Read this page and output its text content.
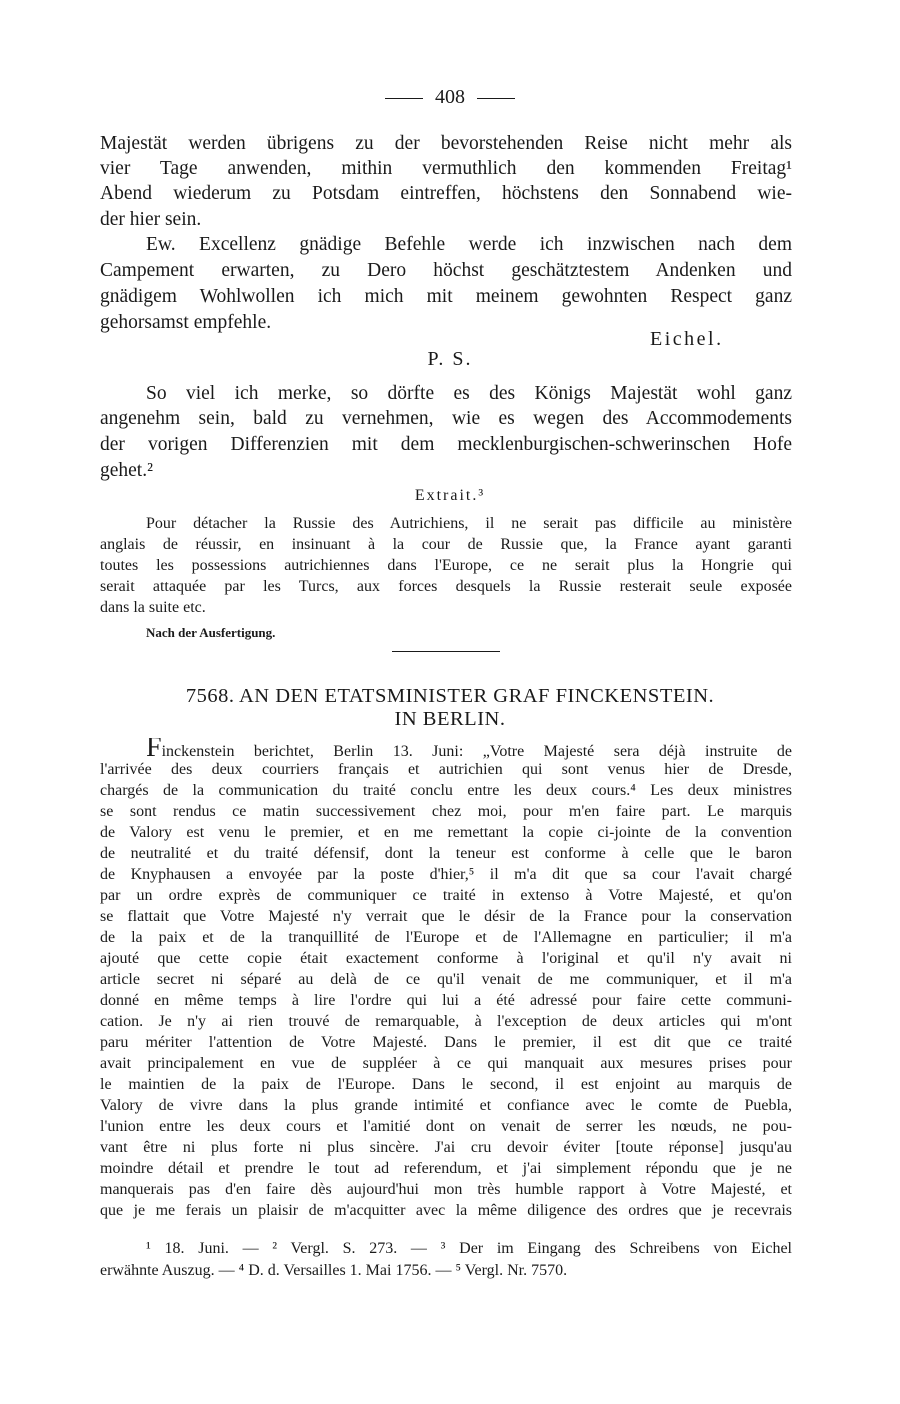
408
Majestät werden übrigens zu der bevorstehenden Reise nicht mehr als
vier Tage anwenden, mithin vermuthlich den kommenden Freitag¹
Abend wiederum zu Potsdam eintreffen, höchstens den Sonnabend wie-
der hier sein.
Ew. Excellenz gnädige Befehle werde ich inzwischen nach dem
Campement erwarten, zu Dero höchst geschätztestem Andenken und
gnädigem Wohlwollen ich mich mit meinem gewohnten Respect ganz
gehorsamst empfehle.
Eichel.
P. S.
So viel ich merke, so dörfte es des Königs Majestät wohl ganz
angenehm sein, bald zu vernehmen, wie es wegen des Accommodements
der vorigen Differenzien mit dem mecklenburgischen-schwerinschen Hofe
gehet.²
Extrait.³
Pour détacher la Russie des Autrichiens, il ne serait pas difficile au ministère
anglais de réussir, en insinuant à la cour de Russie que, la France ayant garanti
toutes les possessions autrichiennes dans l'Europe, ce ne serait plus la Hongrie qui
serait attaquée par les Turcs, aux forces desquels la Russie resterait seule exposée
dans la suite etc.
Nach der Ausfertigung.
7568. AN DEN ETATSMINISTER GRAF FINCKENSTEIN.
IN BERLIN.
Finckenstein berichtet, Berlin 13. Juni: „Votre Majesté sera déjà instruite de
l'arrivée des deux courriers français et autrichien qui sont venus hier de Dresde,
chargés de la communication du traité conclu entre les deux cours.⁴ Les deux ministres
se sont rendus ce matin successivement chez moi, pour m'en faire part. Le marquis
de Valory est venu le premier, et en me remettant la copie ci-jointe de la convention
de neutralité et du traité défensif, dont la teneur est conforme à celle que le baron
de Knyphausen a envoyée par la poste d'hier,⁵ il m'a dit que sa cour l'avait chargé
par un ordre exprès de communiquer ce traité in extenso à Votre Majesté, et qu'on
se flattait que Votre Majesté n'y verrait que le désir de la France pour la conservation
de la paix et de la tranquillité de l'Europe et de l'Allemagne en particulier; il m'a
ajouté que cette copie était exactement conforme à l'original et qu'il n'y avait ni
article secret ni séparé au delà de ce qu'il venait de me communiquer, et il m'a
donné en même temps à lire l'ordre qui lui a été adressé pour faire cette communi-
cation. Je n'y ai rien trouvé de remarquable, à l'exception de deux articles qui m'ont
paru mériter l'attention de Votre Majesté. Dans le premier, il est dit que ce traité
avait principalement en vue de suppléer à ce qui manquait aux mesures prises pour
le maintien de la paix de l'Europe. Dans le second, il est enjoint au marquis de
Valory de vivre dans la plus grande intimité et confiance avec le comte de Puebla,
l'union entre les deux cours et l'amitié dont on venait de serrer les nœuds, ne pou-
vant être ni plus forte ni plus sincère. J'ai cru devoir éviter [toute réponse] jusqu'au
moindre détail et prendre le tout ad referendum, et j'ai simplement répondu que je ne
manquerais pas d'en faire dès aujourd'hui mon très humble rapport à Votre Majesté, et
que je me ferais un plaisir de m'acquitter avec la même diligence des ordres que je recevrais
¹ 18. Juni. — ² Vergl. S. 273. — ³ Der im Eingang des Schreibens von Eichel
erwähnte Auszug. — ⁴ D. d. Versailles 1. Mai 1756. — ⁵ Vergl. Nr. 7570.
